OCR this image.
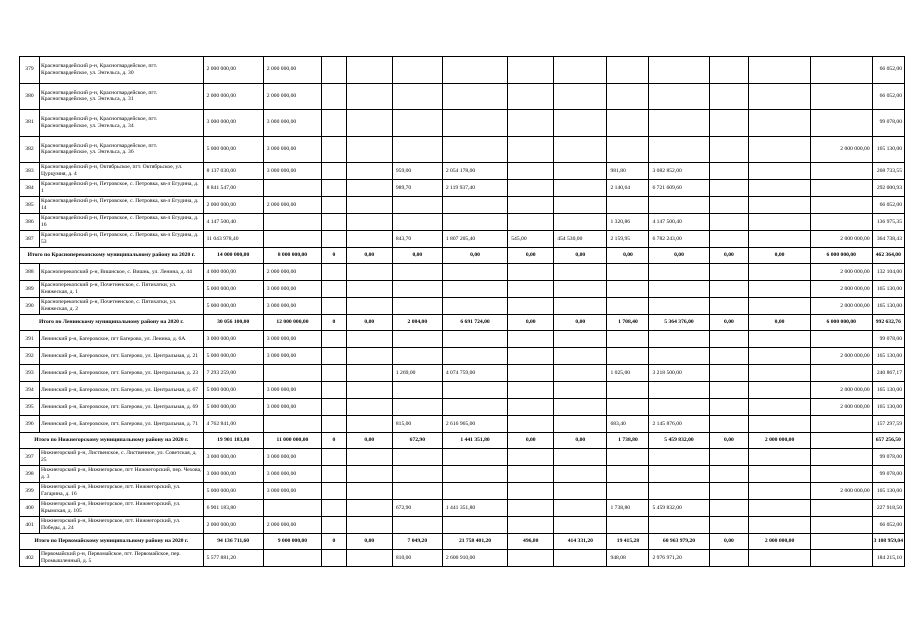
379	Красногвардейский р-н, Красногвардейское, пгт. Красногвардейское, ул. Энгельса, д. 30	2 000 000,00	2 000 000,00												66 052,00
380	Красногвардейский р-н, Красногвардейское, пгт. Красногвардейское, ул. Энгельса, д. 31	2 000 000,00	2 000 000,00												66 052,00
381	Красногвардейский р-н, Красногвардейское, пгт. Красногвардейское, ул. Энгельса, д. 34	3 000 000,00	3 000 000,00												99 078,00
382	Красногвардейский р-н, Красногвардейское, пгт. Красногвардейское, ул. Энгельса, д. 36	5 000 000,00	3 000 000,00											2 000 000,00	165 130,00
383	Красногвардейский р-н, Октябрьское, пгт. Октябрьское, ул. Цурцумия, д. 4	8 137 030,00	3 000 000,00			959,00	2 054 178,00			981,80	3 082 852,00				268 733,55
384	Красногвардейский р-н, Петровское, с. Петровка, кв-л Егудина, д. 1	8 841 547,00				989,70	2 119 937,40			2 140,64	6 721 609,60				292 000,93
385	Красногвардейский р-н, Петровское, с. Петровка, кв-л Егудина, д. 14	2 000 000,00	2 000 000,00												66 052,00
386	Красногвардейский р-н, Петровское, с. Петровка, кв-л Егудина, д. 16	4 147 500,40								1 320,86	4 147 500,40				136 975,35
387	Красногвардейский р-н, Петровское, с. Петровка, кв-л Егудина, д. 53	11 043 978,40				843,70	1 807 205,40	545,00	454 530,00	2 159,95	6 782 243,00			2 000 000,00	364 738,43
Итого по Красноперекопскому муниципальному району на 2020 г.		14 000 000,00	8 000 000,00	0	0,00	0,00	0,00	0,00	0,00	0,00	0,00	0,00	0,00	6 000 000,00	462 364,00
388	Красноперекопский р-н, Вишнское, с. Вишнь, ул. Ленина, д. 44	4 000 000,00	2 000 000,00											2 000 000,00	132 104,00
389	Красноперекопский р-н, Почетненское, с. Пятихатки, ул. Княжеская, д. 1	5 000 000,00	3 000 000,00											2 000 000,00	165 130,00
390	Красноперекопский р-н, Почетненское, с. Пятихатки, ул. Княжеская, д. 2	5 000 000,00	3 000 000,00											2 000 000,00	165 130,00
Итого по Ленинскому муниципальному району на 2020 г.		30 056 100,00	12 000 000,00	0	0,00	2 084,00	6 691 724,00	0,00	0,00	1 708,40	5 364 376,00	0,00	0,00	6 000 000,00	992 632,76
391	Ленинский р-н, Багеровское, пгт Багерово, ул. Ленина, д. 6А	3 000 000,00	3 000 000,00												99 078,00
392	Ленинский р-н, Багеровское, пгт. Багерово, ул. Центральная, д. 21	5 000 000,00	3 000 000,00											2 000 000,00	165 130,00
393	Ленинский р-н, Багеровское, пгт. Багерово, ул. Центральная, д. 23	7 293 259,00				1 269,00	4 074 759,00			1 025,00	3 218 500,00				240 867,17
394	Ленинский р-н, Багеровское, пгт. Багерово, ул. Центральная, д. 67	5 000 000,00	3 000 000,00											2 000 000,00	165 130,00
395	Ленинский р-н, Багеровское, пгт. Багерово, ул. Центральная, д. 69	5 000 000,00	3 000 000,00											2 000 000,00	165 130,00
396	Ленинский р-н, Багеровское, пгт. Багерово, ул. Центральная, д. 71	4 762 841,00				815,00	2 616 965,00			683,40	2 145 876,00				157 297,59
Итого по Нижнегорскому муниципальному району на 2020 г.		19 901 183,80	11 000 000,00	0	0,00	672,90	1 441 351,80	0,00	0,00	1 738,80	5 459 832,00	0,00	2 000 000,00		657 256,50
397	Нижнегорский р-н, Лиственское, с. Лиственное, ул. Советская, д. 25	3 000 000,00	3 000 000,00												99 078,00
398	Нижнегорский р-н, Нижнегорское, пгт Нижнегорский, пер. Чехова, д. 3	3 000 000,00	3 000 000,00												99 078,00
399	Нижнегорский р-н, Нижнегорское, пгт. Нижнегорский, ул. Гагарина, д. 16	5 000 000,00	3 000 000,00											2 000 000,00	165 130,00
400	Нижнегорский р-н, Нижнегорское, пгт. Нижнегорский, ул. Крымская, д. 105	6 901 183,80				672,90	1 441 351,80			1 738,80	5 459 832,00				227 918,50
401	Нижнегорский р-н, Нижнегорское, пгт. Нижнегорский, ул. Победы, д. 24	2 000 000,00	2 000 000,00												66 052,00
Итого по Первомайскому муниципальному району на 2020 г.		94 136 711,60	9 000 000,00	0	0,00	7 049,20	21 758 401,20	496,80	414 331,20	19 415,28	60 963 979,20	0,00	2 000 000,00		3 108 959,04
402	Первомайский р-н, Первомайское, пгт. Первомайское, пер. Промышленный, д. 5	5 577 881,20				810,00	2 600 910,00			948,08	2 976 971,20				184 215,10
